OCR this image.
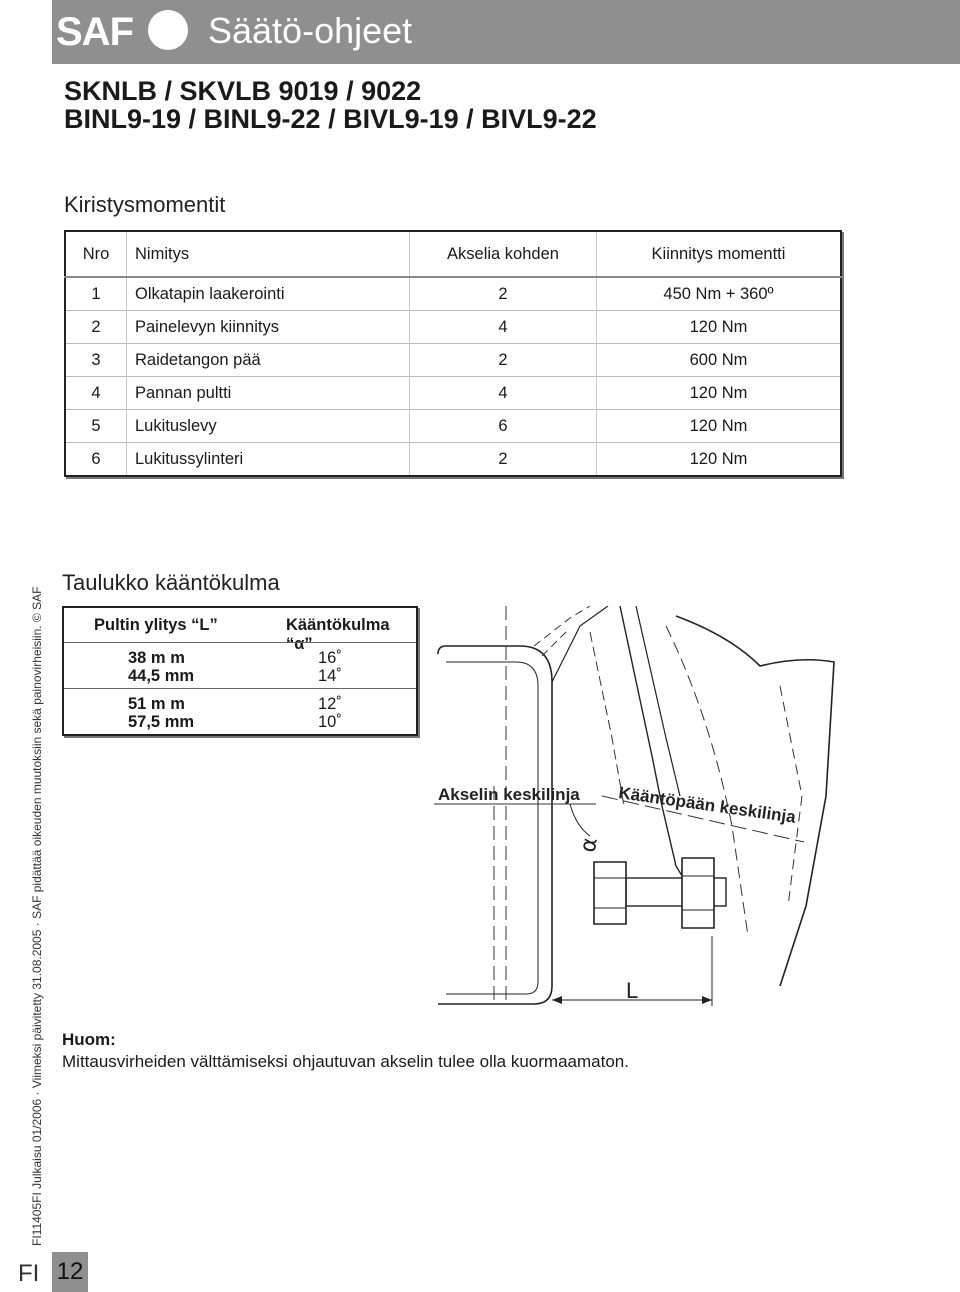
SAF Säätö-ohjeet
SKNLB / SKVLB 9019 / 9022
BINL9-19 / BINL9-22 / BIVL9-19 / BIVL9-22
Kiristysmomentit
Nro	Nimitys	Akselia kohden	Kiinnitys momentti
1	Olkatapin laakerointi	2	450 Nm + 360º
2	Painelevyn kiinnitys	4	120 Nm
3	Raidetangon pää	2	600 Nm
4	Pannan pultti	4	120 Nm
5	Lukituslevy	6	120 Nm
6	Lukitussylinteri	2	120 Nm
Taulukko kääntökulma
Pultin ylitys “L”	Kääntökulma “α”
38 m m	16˚
44,5 mm	14˚
51 m m	12˚
57,5 mm	10˚
Akselin keskilinja Kääntöpään keskilinja
α
L
Huom:
Mittausvirheiden välttämiseksi ohjautuvan akselin tulee olla kuormaamaton.
FI11405FI Julkaisu 01/2006 · Viimeksi päivitetty 31.08.2005 · SAF pidättää oikeuden muutoksiin sekä painovirheisiin. © SAF
FI 12
